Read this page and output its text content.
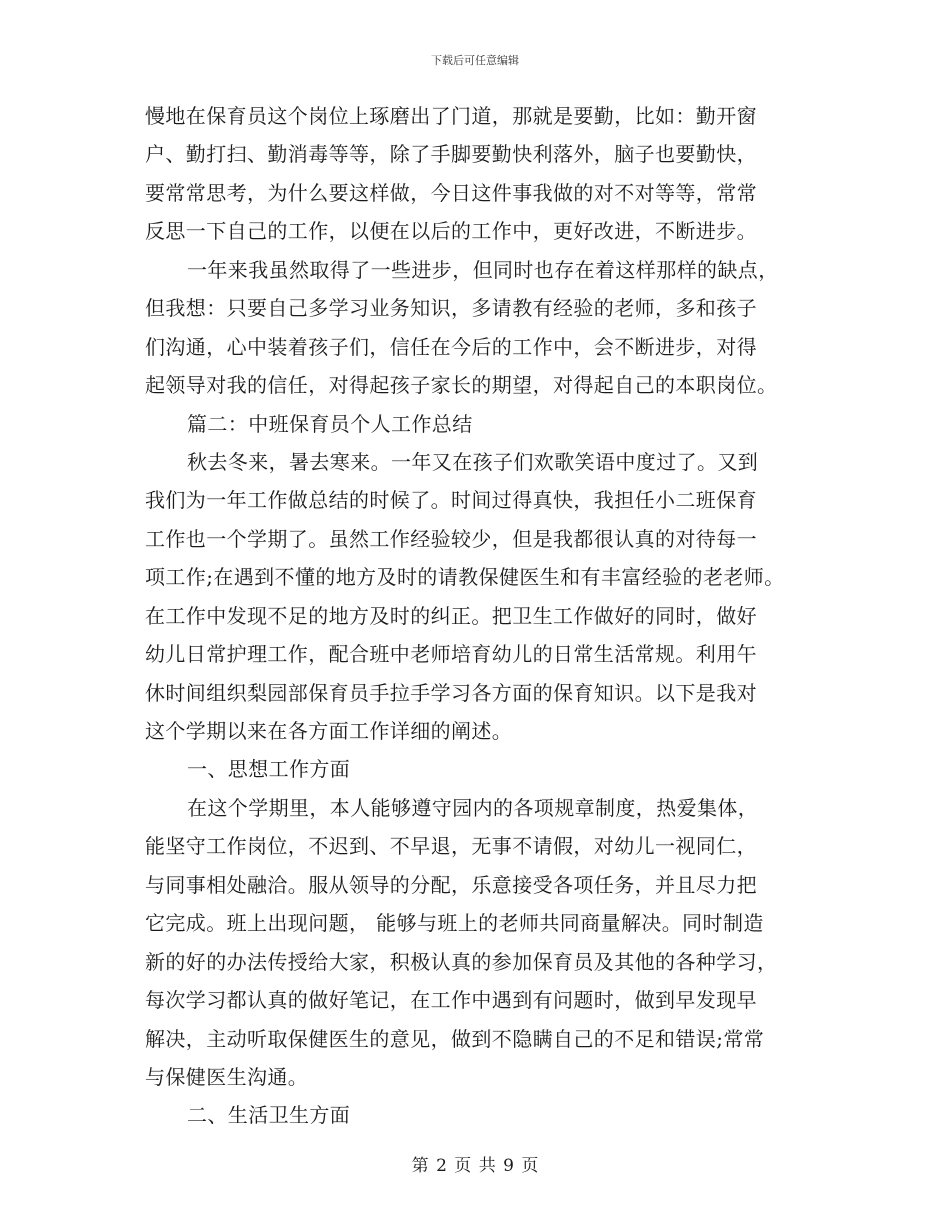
下载后可任意编辑
慢地在保育员这个岗位上琢磨出了门道，那就是要勤，比如：勤开窗
户、勤打扫、勤消毒等等，除了手脚要勤快利落外，脑子也要勤快，
要常常思考，为什么要这样做，今日这件事我做的对不对等等，常常
反思一下自己的工作，以便在以后的工作中，更好改进，不断进步。
一年来我虽然取得了一些进步，但同时也存在着这样那样的缺点，
但我想：只要自己多学习业务知识，多请教有经验的老师，多和孩子
们沟通，心中装着孩子们，信任在今后的工作中，会不断进步，对得
起领导对我的信任，对得起孩子家长的期望，对得起自己的本职岗位。
篇二：中班保育员个人工作总结
秋去冬来，暑去寒来。一年又在孩子们欢歌笑语中度过了。又到
我们为一年工作做总结的时候了。时间过得真快，我担任小二班保育
工作也一个学期了。虽然工作经验较少，但是我都很认真的对待每一
项工作;在遇到不懂的地方及时的请教保健医生和有丰富经验的老老师。
在工作中发现不足的地方及时的纠正。把卫生工作做好的同时，做好
幼儿日常护理工作，配合班中老师培育幼儿的日常生活常规。利用午
休时间组织梨园部保育员手拉手学习各方面的保育知识。以下是我对
这个学期以来在各方面工作详细的阐述。
一、思想工作方面
在这个学期里，本人能够遵守园内的各项规章制度，热爱集体，
能坚守工作岗位，不迟到、不早退，无事不请假，对幼儿一视同仁，
与同事相处融洽。服从领导的分配，乐意接受各项任务，并且尽力把
它完成。班上出现问题， 能够与班上的老师共同商量解决。同时制造
新的好的办法传授给大家，积极认真的参加保育员及其他的各种学习，
每次学习都认真的做好笔记，在工作中遇到有问题时，做到早发现早
解决，主动听取保健医生的意见，做到不隐瞒自己的不足和错误;常常
与保健医生沟通。
二、生活卫生方面
第 2 页 共 9 页
